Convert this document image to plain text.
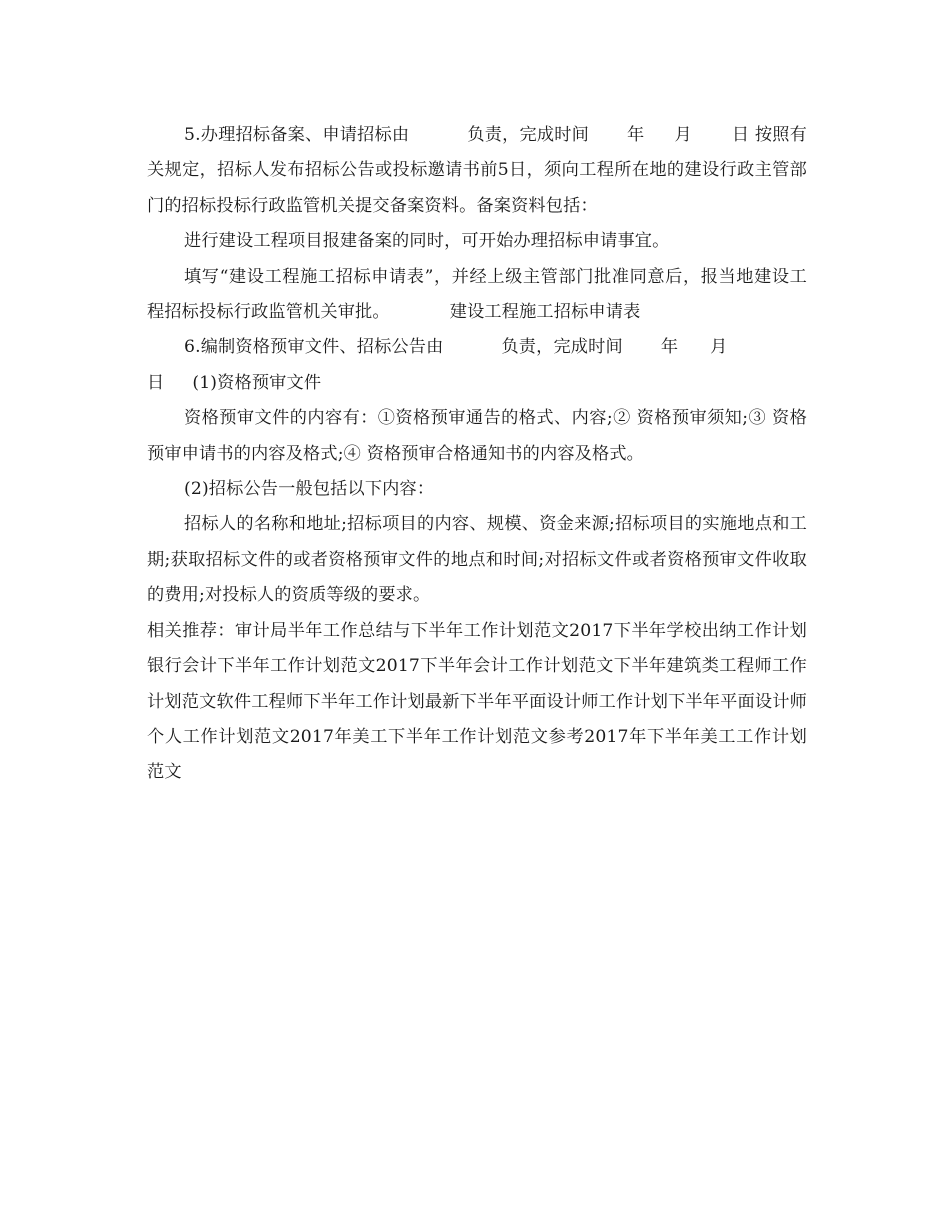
5.办理招标备案、申请招标由	负责，完成时间 年 月 日 按照有关规定，招标人发布招标公告或投标邀请书前5日，须向工程所在地的建设行政主管部门的招标投标行政监管机关提交备案资料。备案资料包括：

进行建设工程项目报建备案的同时，可开始办理招标申请事宜。

填写“建设工程施工招标申请表”，并经上级主管部门批准同意后，报当地建设工程招标投标行政监管机关审批。	建设工程施工招标申请表

6.编制资格预审文件、招标公告由	负责，完成时间 年 月

日 (1)资格预审文件

资格预审文件的内容有：①资格预审通告的格式、内容;② 资格预审须知;③ 资格预审申请书的内容及格式;④ 资格预审合格通知书的内容及格式。

(2)招标公告一般包括以下内容：

招标人的名称和地址;招标项目的内容、规模、资金来源;招标项目的实施地点和工期;获取招标文件的或者资格预审文件的地点和时间;对招标文件或者资格预审文件收取的费用;对投标人的资质等级的要求。

相关推荐：审计局半年工作总结与下半年工作计划范文2017下半年学校出纳工作计划银行会计下半年工作计划范文2017下半年会计工作计划范文下半年建筑类工程师工作计划范文软件工程师下半年工作计划最新下半年平面设计师工作计划下半年平面设计师个人工作计划范文2017年美工下半年工作计划范文参考2017年下半年美工工作计划范文
